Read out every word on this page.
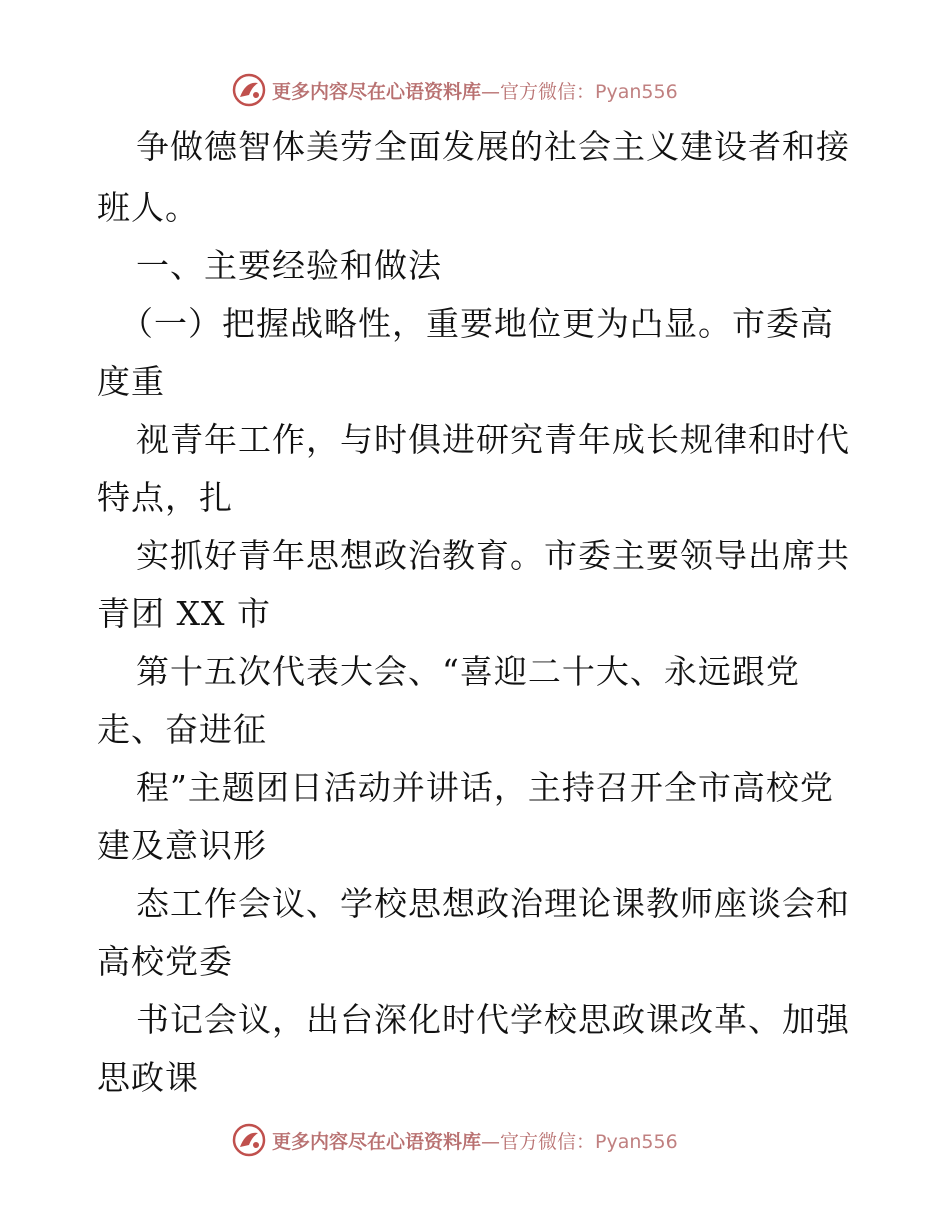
更多内容尽在心语资料库—官方微信：Pyan556
争做德智体美劳全面发展的社会主义建设者和接
班人。
一、主要经验和做法
（一）把握战略性，重要地位更为凸显。市委高
度重
视青年工作，与时俱进研究青年成长规律和时代
特点，扎
实抓好青年思想政治教育。市委主要领导出席共
青团 XX 市
第十五次代表大会、“喜迎二十大、永远跟党
走、奋进征
程”主题团日活动并讲话，主持召开全市高校党
建及意识形
态工作会议、学校思想政治理论课教师座谈会和
高校党委
书记会议，出台深化时代学校思政课改革、加强
思政课
更多内容尽在心语资料库—官方微信：Pyan556
